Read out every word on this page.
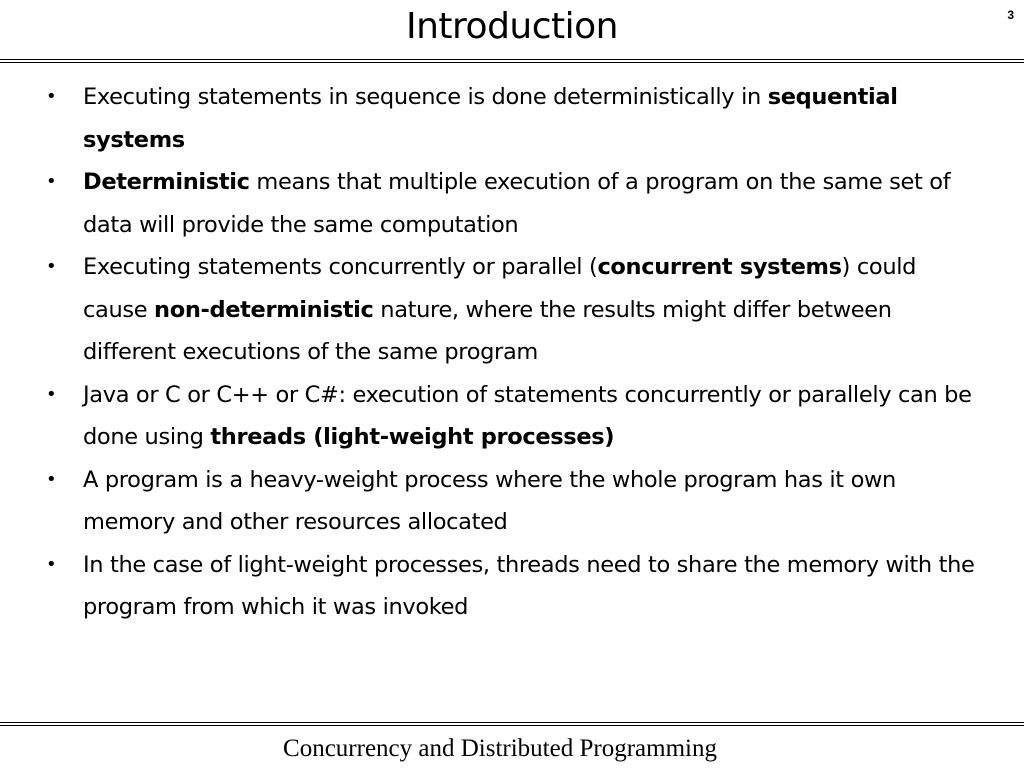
Introduction	3
• Executing statements in sequence is done deterministically in sequential systems
• Deterministic means that multiple execution of a program on the same set of data will provide the same computation
• Executing statements concurrently or parallel (concurrent systems) could cause non-deterministic nature, where the results might differ between different executions of the same program
• Java or C or C++ or C#: execution of statements concurrently or parallely can be done using threads (light-weight processes)
• A program is a heavy-weight process where the whole program has it own memory and other resources allocated
• In the case of light-weight processes, threads need to share the memory with the program from which it was invoked
Concurrency and Distributed Programming
